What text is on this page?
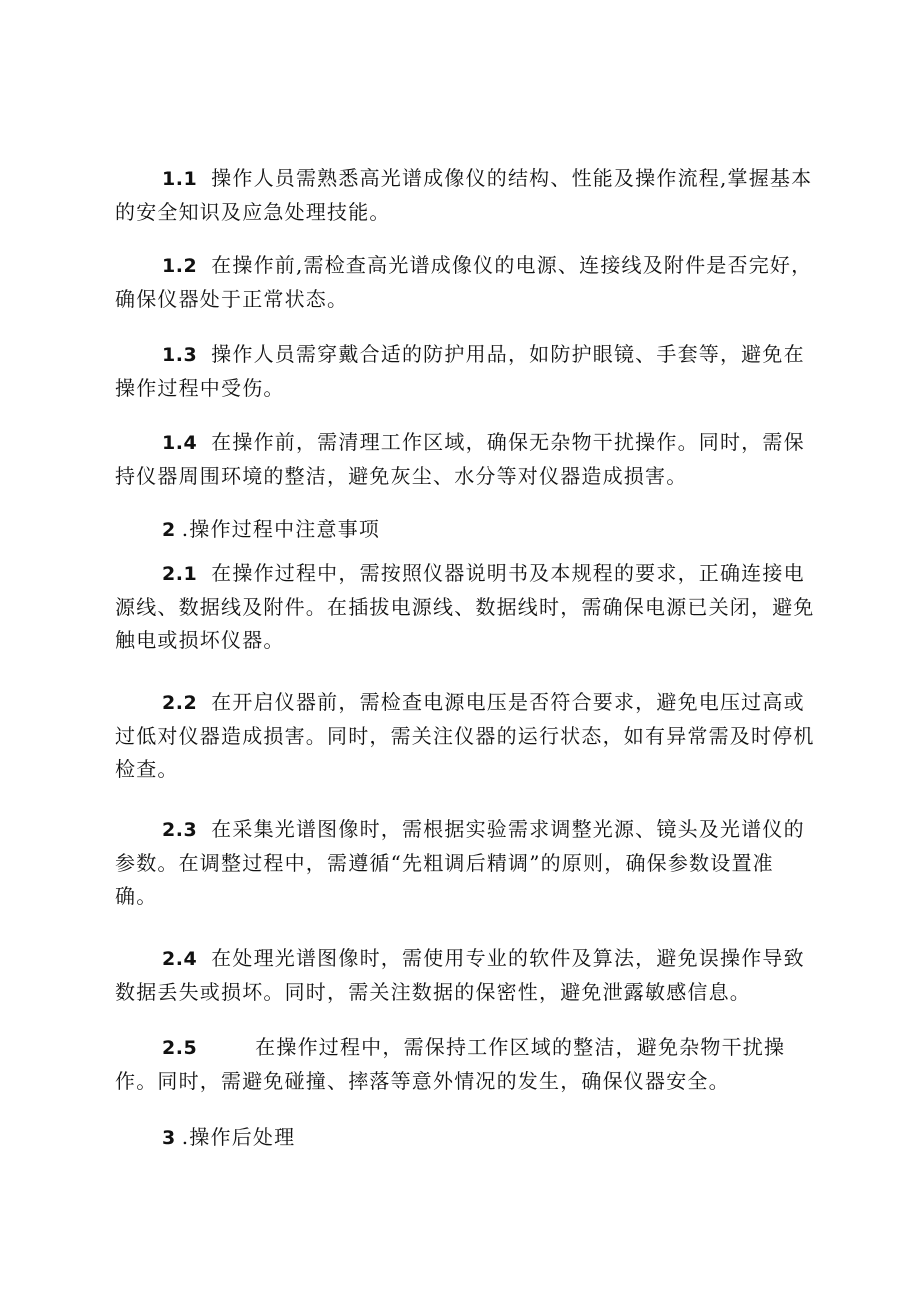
1.1 操作人员需熟悉高光谱成像仪的结构、性能及操作流程,掌握基本的安全知识及应急处理技能。

1.2 在操作前,需检查高光谱成像仪的电源、连接线及附件是否完好，确保仪器处于正常状态。

1.3 操作人员需穿戴合适的防护用品，如防护眼镜、手套等，避免在操作过程中受伤。

1.4 在操作前，需清理工作区域，确保无杂物干扰操作。同时，需保持仪器周围环境的整洁，避免灰尘、水分等对仪器造成损害。

2 .操作过程中注意事项

2.1 在操作过程中，需按照仪器说明书及本规程的要求，正确连接电源线、数据线及附件。在插拔电源线、数据线时，需确保电源已关闭，避免触电或损坏仪器。

2.2 在开启仪器前，需检查电源电压是否符合要求，避免电压过高或过低对仪器造成损害。同时，需关注仪器的运行状态，如有异常需及时停机检查。

2.3 在采集光谱图像时，需根据实验需求调整光源、镜头及光谱仪的参数。在调整过程中，需遵循“先粗调后精调”的原则，确保参数设置准确。

2.4 在处理光谱图像时，需使用专业的软件及算法，避免误操作导致数据丢失或损坏。同时，需关注数据的保密性，避免泄露敏感信息。

2.5	在操作过程中，需保持工作区域的整洁，避免杂物干扰操作。同时，需避免碰撞、摔落等意外情况的发生，确保仪器安全。

3 .操作后处理
